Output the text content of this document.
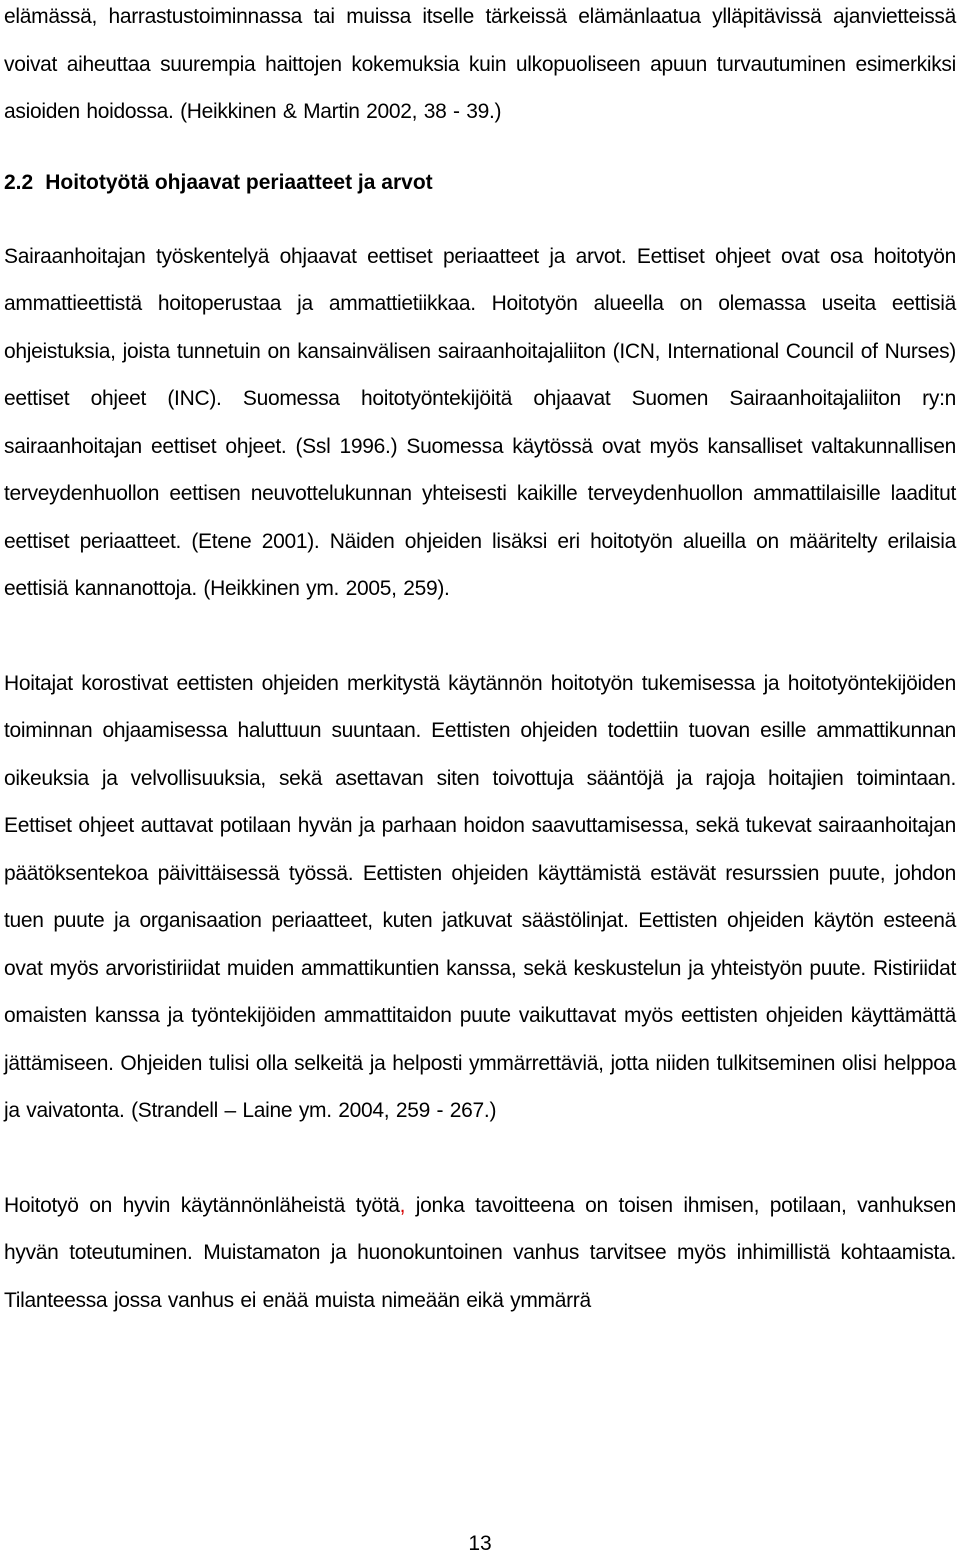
elämässä, harrastustoiminnassa tai muissa itselle tärkeissä elämänlaatua ylläpitävissä ajanvietteissä voivat aiheuttaa suurempia haittojen kokemuksia kuin ulkopuoliseen apuun turvautuminen esimerkiksi asioiden hoidossa. (Heikkinen & Martin 2002, 38 - 39.)

2.2 Hoitotyötä ohjaavat periaatteet ja arvot

Sairaanhoitajan työskentelyä ohjaavat eettiset periaatteet ja arvot. Eettiset ohjeet ovat osa hoitotyön ammattieettistä hoitoperustaa ja ammattietiikkaa. Hoitotyön alueella on olemassa useita eettisiä ohjeistuksia, joista tunnetuin on kansainvälisen sairaanhoitajaliiton (ICN, International Council of Nurses) eettiset ohjeet (INC). Suomessa hoitotyöntekijöitä ohjaavat Suomen Sairaanhoitajaliiton ry:n sairaanhoitajan eettiset ohjeet. (Ssl 1996.) Suomessa käytössä ovat myös kansalliset valtakunnallisen terveydenhuollon eettisen neuvottelukunnan yhteisesti kaikille terveydenhuollon ammattilaisille laaditut eettiset periaatteet. (Etene 2001). Näiden ohjeiden lisäksi eri hoitotyön alueilla on määritelty erilaisia eettisiä kannanottoja. (Heikkinen ym. 2005, 259).

Hoitajat korostivat eettisten ohjeiden merkitystä käytännön hoitotyön tukemisessa ja hoitotyöntekijöiden toiminnan ohjaamisessa haluttuun suuntaan. Eettisten ohjeiden todettiin tuovan esille ammattikunnan oikeuksia ja velvollisuuksia, sekä asettavan siten toivottuja sääntöjä ja rajoja hoitajien toimintaan. Eettiset ohjeet auttavat potilaan hyvän ja parhaan hoidon saavuttamisessa, sekä tukevat sairaanhoitajan päätöksentekoa päivittäisessä työssä. Eettisten ohjeiden käyttämistä estävät resurssien puute, johdon tuen puute ja organisaation periaatteet, kuten jatkuvat säästölinjat. Eettisten ohjeiden käytön esteenä ovat myös arvoristiriidat muiden ammattikuntien kanssa, sekä keskustelun ja yhteistyön puute. Ristiriidat omaisten kanssa ja työntekijöiden ammattitaidon puute vaikuttavat myös eettisten ohjeiden käyttämättä jättämiseen. Ohjeiden tulisi olla selkeitä ja helposti ymmärrettäviä, jotta niiden tulkitseminen olisi helppoa ja vaivatonta. (Strandell – Laine ym. 2004, 259 - 267.)

Hoitotyö on hyvin käytännönläheistä työtä, jonka tavoitteena on toisen ihmisen, potilaan, vanhuksen hyvän toteutuminen. Muistamaton ja huonokuntoinen vanhus tarvitsee myös inhimillistä kohtaamista. Tilanteessa jossa vanhus ei enää muista nimeään eikä ymmärrä

13
